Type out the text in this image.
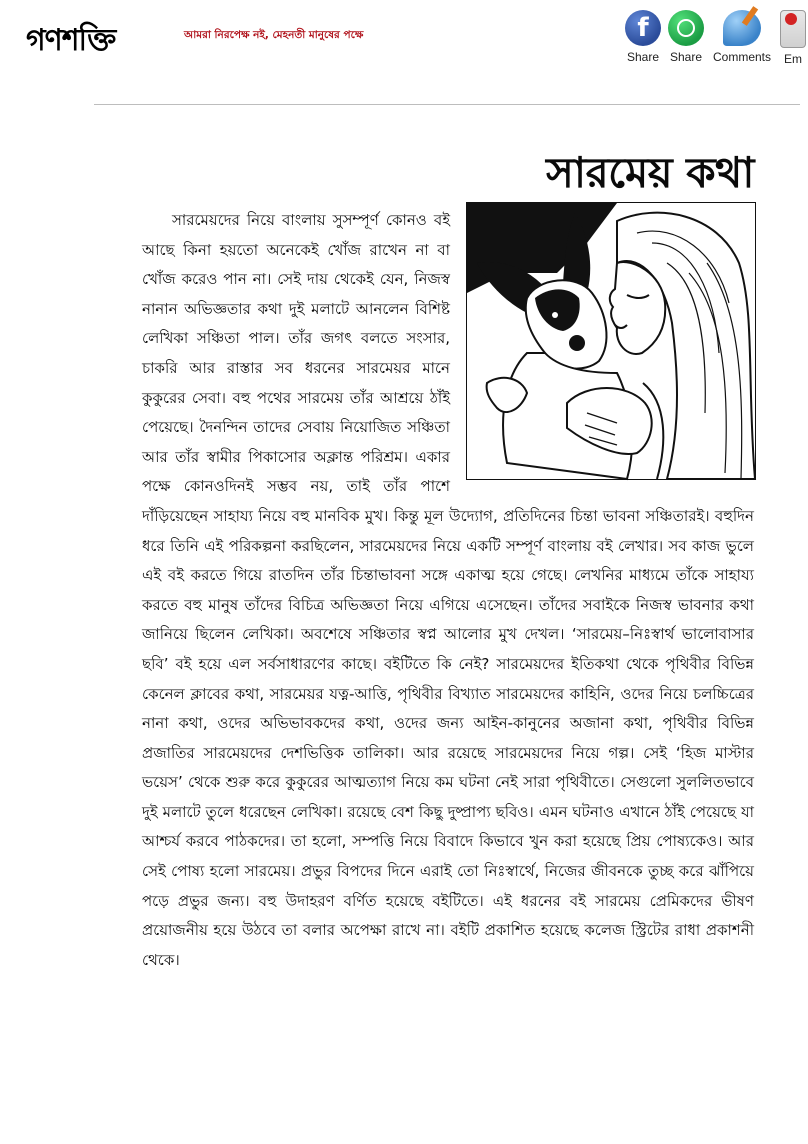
গণশক্তি	আমরা নিরপেক্ষ নই, মেহনতী মানুষের পক্ষে
f
Share Share Comments	Em
সারমেয় কথা

সারমেয়দের নিয়ে বাংলায় সুসম্পূর্ণ কোনও বই আছে কিনা হয়তো অনেকেই খোঁজ রাখেন না বা খোঁজ করেও পান না। সেই দায় থেকেই যেন, নিজস্ব নানান অভিজ্ঞতার কথা দুই মলাটে আনলেন বিশিষ্ট লেখিকা সঞ্চিতা পাল। তাঁর জগৎ বলতে সংসার, চাকরি আর রাস্তার সব ধরনের সারমেয়র মানে কুকুরের সেবা। বহু পথের সারমেয় তাঁর আশ্রয়ে ঠাঁই পেয়েছে। দৈনন্দিন তাদের সেবায় নিয়োজিত সঞ্চিতা আর তাঁর স্বামীর পিকাসোর অক্লান্ত পরিশ্রম। একার পক্ষে কোনওদিনই সম্ভব নয়, তাই তাঁর পাশে দাঁড়িয়েছেন সাহায্য নিয়ে বহু মানবিক মুখ। কিন্তু মূল উদ্যোগ, প্রতিদিনের চিন্তা ভাবনা সঞ্চিতারই। বহুদিন ধরে তিনি এই পরিকল্পনা করছিলেন, সারমেয়দের নিয়ে একটি সম্পূর্ণ বাংলায় বই লেখার। সব কাজ ভুলে এই বই করতে গিয়ে রাতদিন তাঁর চিন্তাভাবনা সঙ্গে একাত্ম হয়ে গেছে। লেখনির মাধ্যমে তাঁকে সাহায্য করতে বহু মানুষ তাঁদের বিচিত্র অভিজ্ঞতা নিয়ে এগিয়ে এসেছেন। তাঁদের সবাইকে নিজস্ব ভাবনার কথা জানিয়ে ছিলেন লেখিকা। অবশেষে সঞ্চিতার স্বপ্ন আলোর মুখ দেখল। ‘সারমেয়–নিঃস্বার্থ ভালোবাসার ছবি’ বই হয়ে এল সর্বসাধারণের কাছে। বইটিতে কি নেই? সারমেয়দের ইতিকথা থেকে পৃথিবীর বিভিন্ন কেনেল ক্লাবের কথা, সারমেয়র যত্ন-আত্তি, পৃথিবীর বিখ্যাত সারমেয়দের কাহিনি, ওদের নিয়ে চলচ্চিত্রের নানা কথা, ওদের অভিভাবকদের কথা, ওদের জন্য আইন-কানুনের অজানা কথা, পৃথিবীর বিভিন্ন প্রজাতির সারমেয়দের দেশভিত্তিক তালিকা। আর রয়েছে সারমেয়দের নিয়ে গল্প। সেই ‘হিজ মাস্টার ভয়েস’ থেকে শুরু করে কুকুরের আত্মত্যাগ নিয়ে কম ঘটনা নেই সারা পৃথিবীতে। সেগুলো সুললিতভাবে দুই মলাটে তুলে ধরেছেন লেখিকা। রয়েছে বেশ কিছু দুষ্প্রাপ্য ছবিও। এমন ঘটনাও এখানে ঠাঁই পেয়েছে যা আশ্চর্য করবে পাঠকদের। তা হলো, সম্পত্তি নিয়ে বিবাদে কিভাবে খুন করা হয়েছে প্রিয় পোষ্যকেও। আর সেই পোষ্য হলো সারমেয়। প্রভুর বিপদের দিনে এরাই তো নিঃস্বার্থে, নিজের জীবনকে তুচ্ছ করে ঝাঁপিয়ে পড়ে প্রভুর জন্য। বহু উদাহরণ বর্ণিত হয়েছে বইটিতে। এই ধরনের বই সারমেয় প্রেমিকদের ভীষণ প্রয়োজনীয় হয়ে উঠবে তা বলার অপেক্ষা রাখে না। বইটি প্রকাশিত হয়েছে কলেজ স্ট্রিটের রাধা প্রকাশনী থেকে।
